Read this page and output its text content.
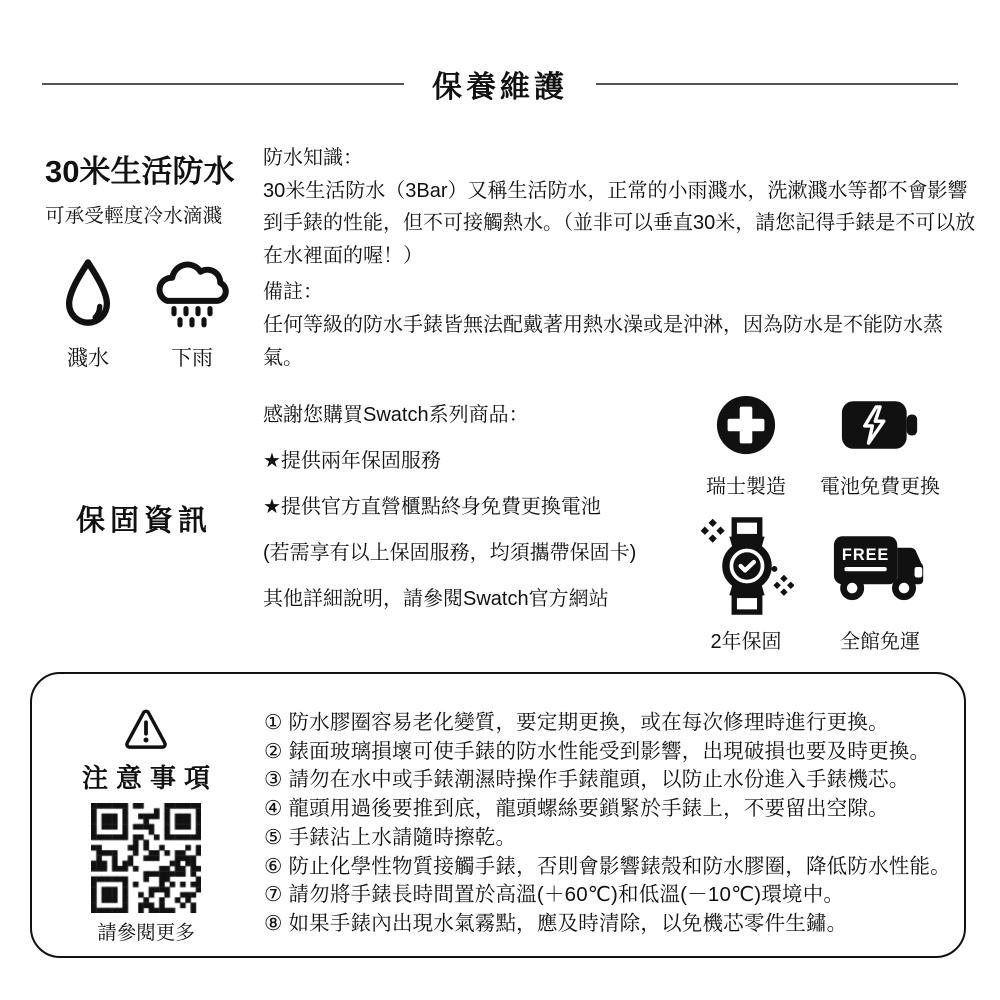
保養維護
30米生活防水
可承受輕度冷水滴濺
濺水	下雨

防水知識：

30米生活防水（3Bar）又稱生活防水，正常的小雨濺水，洗漱濺水等都不會影響到手錶的性能，但不可接觸熱水。（並非可以垂直30米，請您記得手錶是不可以放在水裡面的喔！）

備註：

任何等級的防水手錶皆無法配戴著用熱水澡或是沖淋，因為防水是不能防水蒸氣。

保固資訊

感謝您購買Swatch系列商品：

★提供兩年保固服務

★提供官方直營櫃點終身免費更換電池

(若需享有以上保固服務，均須攜帶保固卡)

其他詳細說明，請參閱Swatch官方網站

瑞士製造 電池免費更換
2年保固
FREE
全館免運
注意事項
請參閱更多
① 防水膠圈容易老化變質，要定期更換，或在每次修理時進行更換。
② 錶面玻璃損壞可使手錶的防水性能受到影響，出現破損也要及時更換。
③ 請勿在水中或手錶潮濕時操作手錶龍頭，以防止水份進入手錶機芯。
④ 龍頭用過後要推到底，龍頭螺絲要鎖緊於手錶上，不要留出空隙。
⑤ 手錶沾上水請隨時擦乾。
⑥ 防止化學性物質接觸手錶，否則會影響錶殼和防水膠圈，降低防水性能。
⑦ 請勿將手錶長時間置於高溫(＋60℃)和低溫(－10℃)環境中。
⑧ 如果手錶內出現水氣霧點，應及時清除，以免機芯零件生鏽。
